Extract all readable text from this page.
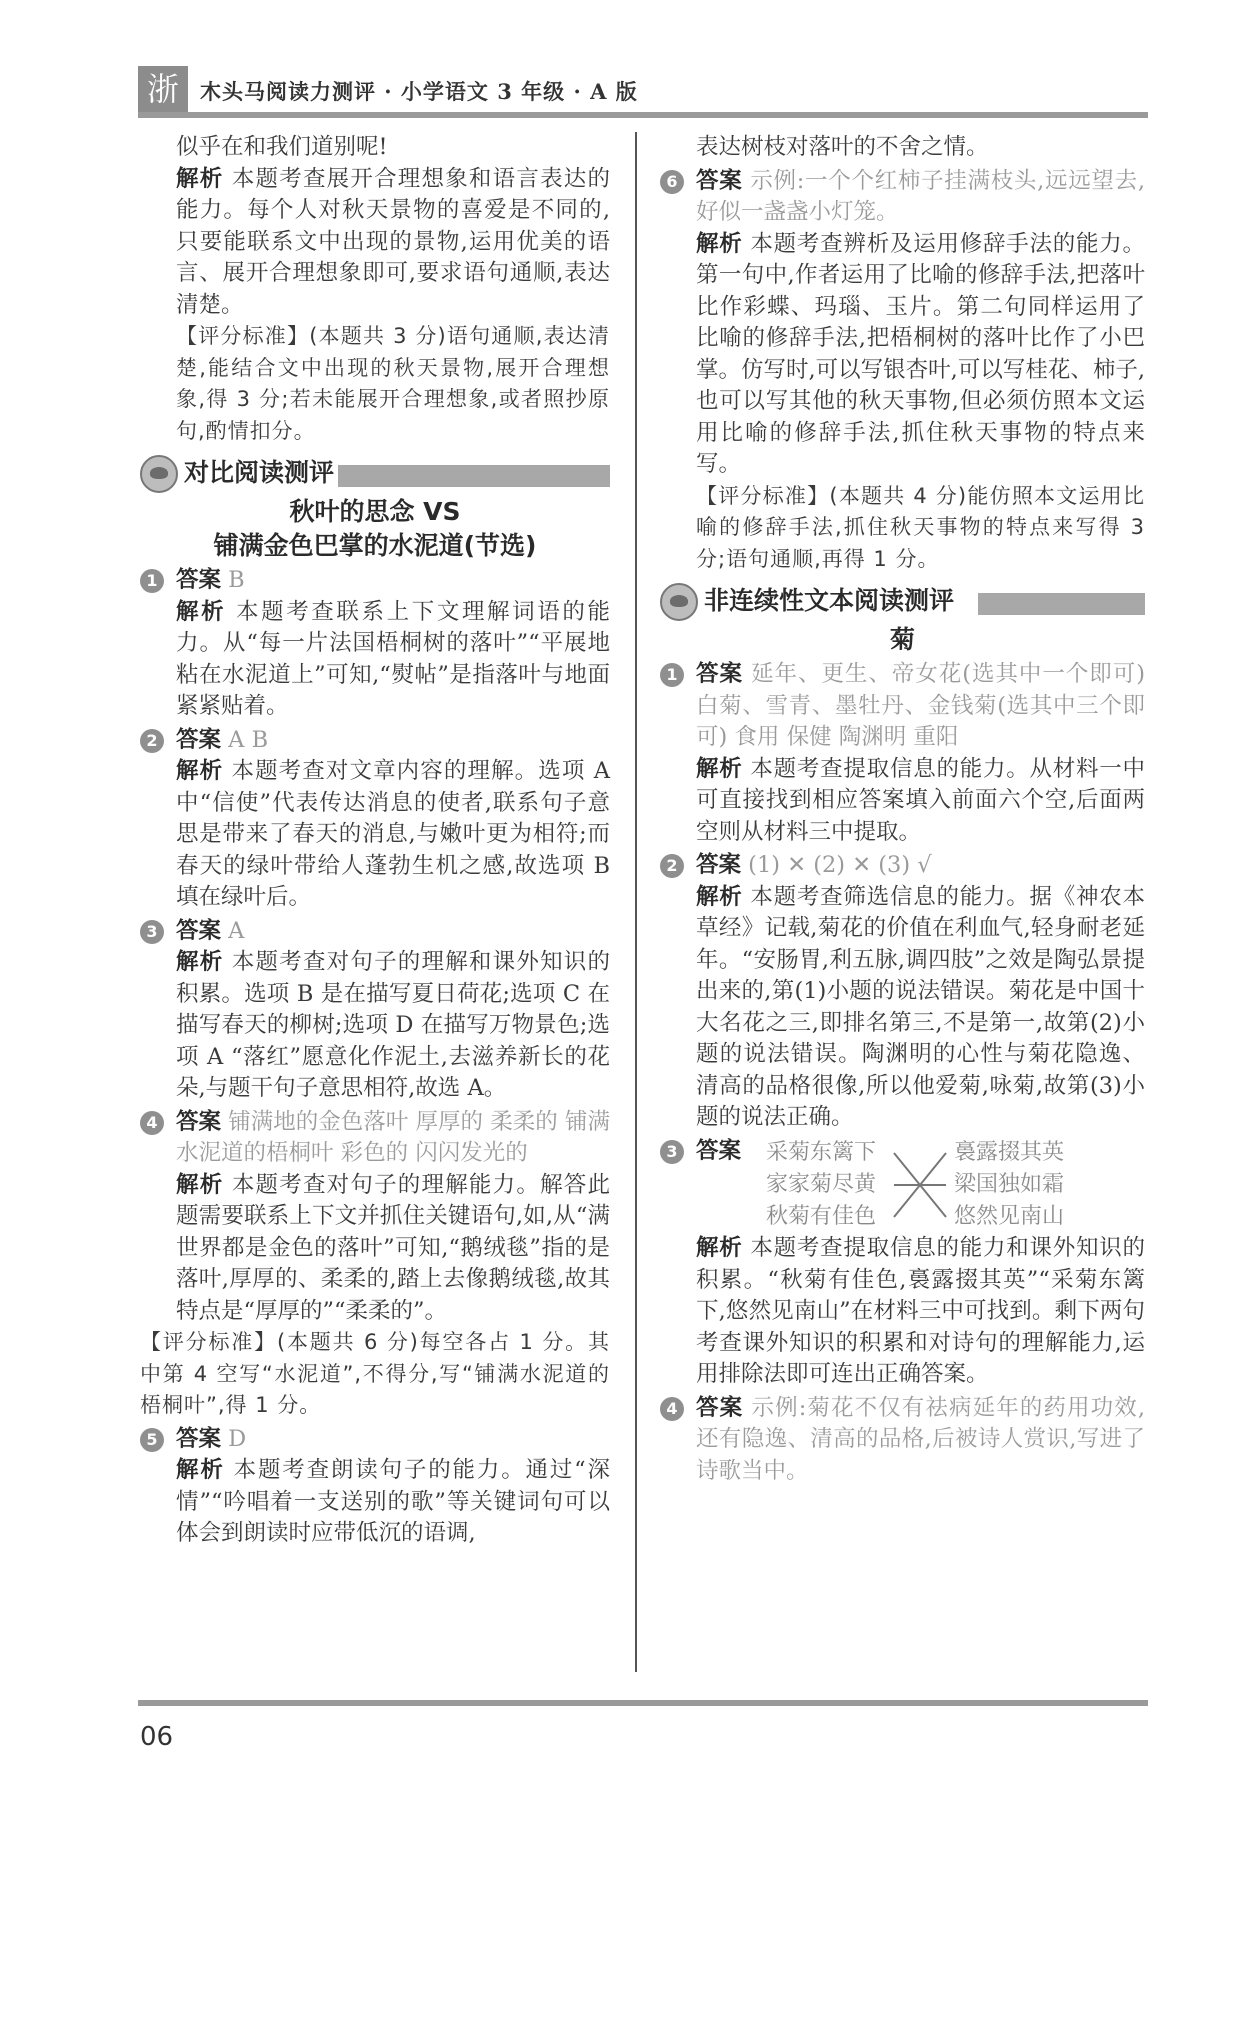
浙	木头马阅读力测评 · 小学语文 3 年级 · A 版

似乎在和我们道别呢!

解析 本题考查展开合理想象和语言表达的能力。每个人对秋天景物的喜爱是不同的,只要能联系文中出现的景物,运用优美的语言、展开合理想象即可,要求语句通顺,表达清楚。

【评分标准】(本题共 3 分)语句通顺,表达清楚,能结合文中出现的秋天景物,展开合理想象,得 3 分;若未能展开合理想象,或者照抄原句,酌情扣分。

对比阅读测评
秋叶的思念 VS
铺满金色巴掌的水泥道(节选)
1 答案 B

解析 本题考查联系上下文理解词语的能力。从“每一片法国梧桐树的落叶”“平展地粘在水泥道上”可知,“熨帖”是指落叶与地面紧紧贴着。

2 答案 A B

解析 本题考查对文章内容的理解。选项 A 中“信使”代表传达消息的使者,联系句子意思是带来了春天的消息,与嫩叶更为相符;而春天的绿叶带给人蓬勃生机之感,故选项 B 填在绿叶后。

3 答案 A

解析 本题考查对句子的理解和课外知识的积累。选项 B 是在描写夏日荷花;选项 C 在描写春天的柳树;选项 D 在描写万物景色;选项 A “落红”愿意化作泥土,去滋养新长的花朵,与题干句子意思相符,故选 A。

4 答案 铺满地的金色落叶 厚厚的 柔柔的 铺满水泥道的梧桐叶 彩色的 闪闪发光的

解析 本题考查对句子的理解能力。解答此题需要联系上下文并抓住关键语句,如,从“满世界都是金色的落叶”可知,“鹅绒毯”指的是落叶,厚厚的、柔柔的,踏上去像鹅绒毯,故其特点是“厚厚的”“柔柔的”。

【评分标准】(本题共 6 分)每空各占 1 分。其中第 4 空写“水泥道”,不得分,写“铺满水泥道的梧桐叶”,得 1 分。

5 答案 D

解析 本题考查朗读句子的能力。通过“深情”“吟唱着一支送别的歌”等关键词句可以体会到朗读时应带低沉的语调,

表达树枝对落叶的不舍之情。

6 答案 示例:一个个红柿子挂满枝头,远远望去,好似一盏盏小灯笼。

解析 本题考查辨析及运用修辞手法的能力。第一句中,作者运用了比喻的修辞手法,把落叶比作彩蝶、玛瑙、玉片。第二句同样运用了比喻的修辞手法,把梧桐树的落叶比作了小巴掌。仿写时,可以写银杏叶,可以写桂花、柿子,也可以写其他的秋天事物,但必须仿照本文运用比喻的修辞手法,抓住秋天事物的特点来写。

【评分标准】(本题共 4 分)能仿照本文运用比喻的修辞手法,抓住秋天事物的特点来写得 3 分;语句通顺,再得 1 分。

非连续性文本阅读测评
菊
1 答案 延年、更生、帝女花(选其中一个即可) 白菊、雪青、墨牡丹、金钱菊(选其中三个即可) 食用 保健 陶渊明 重阳

解析 本题考查提取信息的能力。从材料一中可直接找到相应答案填入前面六个空,后面两空则从材料三中提取。

2 答案 (1) ✕ (2) ✕ (3) √

解析 本题考查筛选信息的能力。据《神农本草经》记载,菊花的价值在利血气,轻身耐老延年。“安肠胃,利五脉,调四肢”之效是陶弘景提出来的,第(1)小题的说法错误。菊花是中国十大名花之三,即排名第三,不是第一,故第(2)小题的说法错误。陶渊明的心性与菊花隐逸、清高的品格很像,所以他爱菊,咏菊,故第(3)小题的说法正确。

3 答案	采菊东篱下
家家菊尽黄
秋菊有佳色
裛露掇其英
梁国独如霜
悠然见南山

解析 本题考查提取信息的能力和课外知识的积累。“秋菊有佳色,裛露掇其英”“采菊东篱下,悠然见南山”在材料三中可找到。剩下两句考查课外知识的积累和对诗句的理解能力,运用排除法即可连出正确答案。

4 答案 示例:菊花不仅有祛病延年的药用功效,还有隐逸、清高的品格,后被诗人赏识,写进了诗歌当中。

06
